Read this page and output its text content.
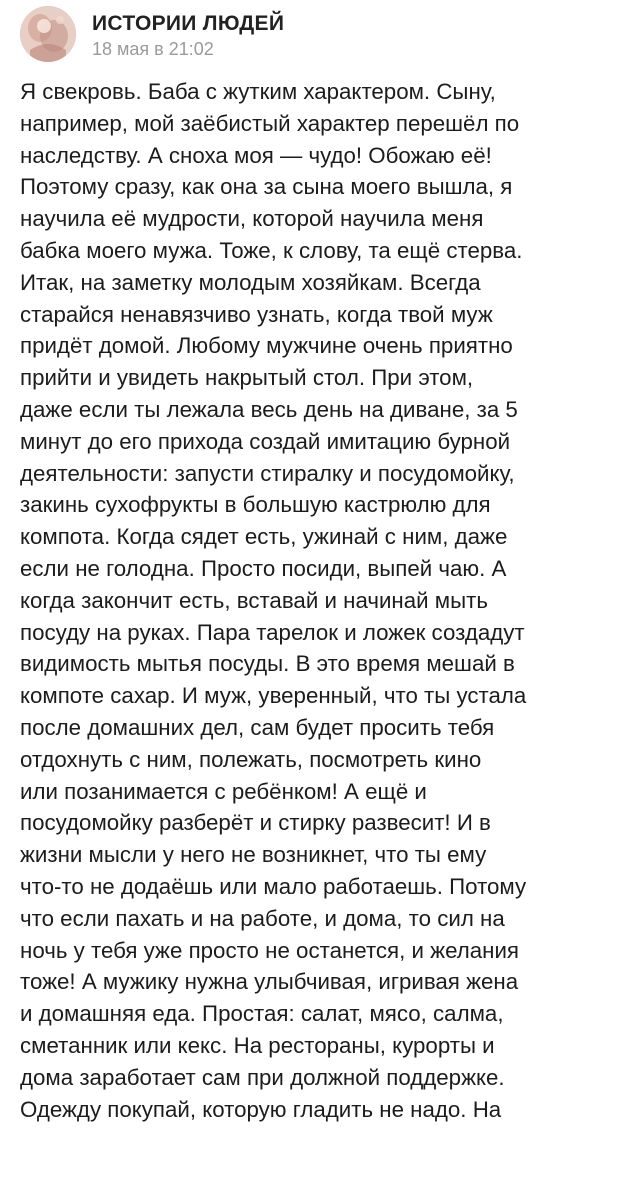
ИСТОРИИ ЛЮДЕЙ
18 мая в 21:02
Я свекровь. Баба с жутким характером. Сыну,
например, мой заёбистый характер перешёл по
наследству. А сноха моя — чудо! Обожаю её!
Поэтому сразу, как она за сына моего вышла, я
научила её мудрости, которой научила меня
бабка моего мужа. Тоже, к слову, та ещё стерва.
Итак, на заметку молодым хозяйкам. Всегда
старайся ненавязчиво узнать, когда твой муж
придёт домой. Любому мужчине очень приятно
прийти и увидеть накрытый стол. При этом,
даже если ты лежала весь день на диване, за 5
минут до его прихода создай имитацию бурной
деятельности: запусти стиралку и посудомойку,
закинь сухофрукты в большую кастрюлю для
компота. Когда сядет есть, ужинай с ним, даже
если не голодна. Просто посиди, выпей чаю. А
когда закончит есть, вставай и начинай мыть
посуду на руках. Пара тарелок и ложек создадут
видимость мытья посуды. В это время мешай в
компоте сахар. И муж, уверенный, что ты устала
после домашних дел, сам будет просить тебя
отдохнуть с ним, полежать, посмотреть кино
или позанимается с ребёнком! А ещё и
посудомойку разберёт и стирку развесит! И в
жизни мысли у него не возникнет, что ты ему
что-то не додаёшь или мало работаешь. Потому
что если пахать и на работе, и дома, то сил на
ночь у тебя уже просто не останется, и желания
тоже! А мужику нужна улыбчивая, игривая жена
и домашняя еда. Простая: салат, мясо, салма,
сметанник или кекс. На рестораны, курорты и
дома заработает сам при должной поддержке.
Одежду покупай, которую гладить не надо. На
